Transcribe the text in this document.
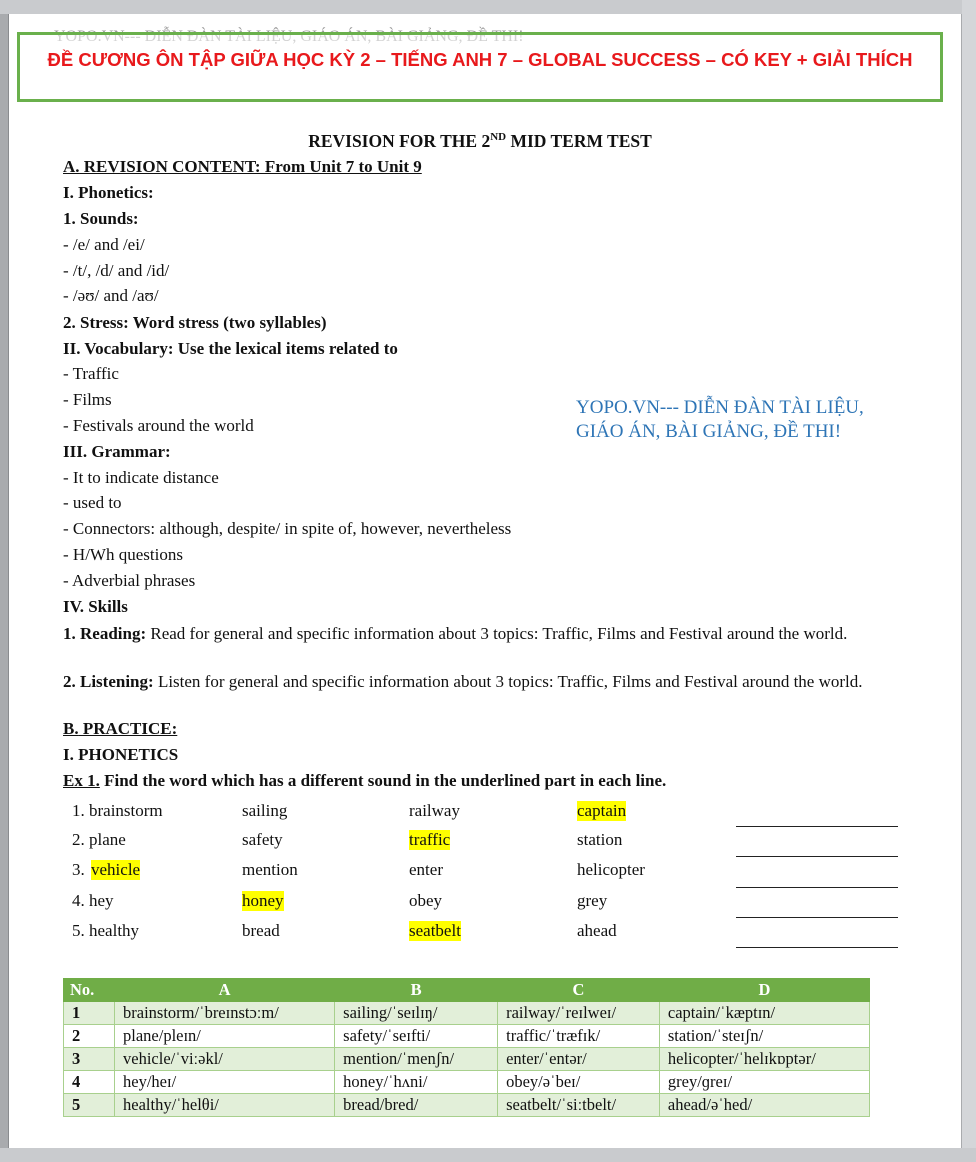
ĐỀ CƯƠNG ÔN TẬP GIỮA HỌC KỲ 2 – TIẾNG ANH 7 – GLOBAL SUCCESS – CÓ KEY + GIẢI THÍCH
REVISION FOR THE 2ND MID TERM TEST
A. REVISION CONTENT: From Unit 7 to Unit 9
I. Phonetics:
1. Sounds:
- /e/ and /ei/
- /t/, /d/ and /id/
- /əʊ/ and /aʊ/
2. Stress: Word stress (two syllables)
II. Vocabulary: Use the lexical items related to
- Traffic
- Films
- Festivals around the world
YOPO.VN--- DIỄN ĐÀN TÀI LIỆU,
GIÁO ÁN, BÀI GIẢNG, ĐỀ THI!
III. Grammar:
- It to indicate distance
- used to
- Connectors: although, despite/ in spite of, however, nevertheless
- H/Wh questions
- Adverbial phrases
IV. Skills
1. Reading: Read for general and specific information about 3 topics: Traffic, Films and Festival around the world.
2. Listening: Listen for general and specific information about 3 topics: Traffic, Films and Festival around the world.
B. PRACTICE:
I. PHONETICS
Ex 1. Find the word which has a different sound in the underlined part in each line.
1. brainstorm	sailing	railway	captain
2. plane	safety	traffic	station
3. vehicle	mention	enter	helicopter
4. hey	honey	obey	grey
5. healthy	bread	seatbelt	ahead
No.	A	B	C	D
1	brainstorm/ˈbreɪnstɔːm/	sailing/ˈseɪlɪŋ/	railway/ˈreɪlweɪ/	captain/ˈkæptɪn/
2	plane/pleɪn/	safety/ˈseɪfti/	traffic/ˈtræfɪk/	station/ˈsteɪʃn/
3	vehicle/ˈviːəkl/	mention/ˈmenʃn/	enter/ˈentər/	helicopter/ˈhelɪkɒptər/
4	hey/heɪ/	honey/ˈhʌni/	obey/əˈbeɪ/	grey/ɡreɪ/
5	healthy/ˈhelθi/	bread/bred/	seatbelt/ˈsiːtbelt/	ahead/əˈhed/
